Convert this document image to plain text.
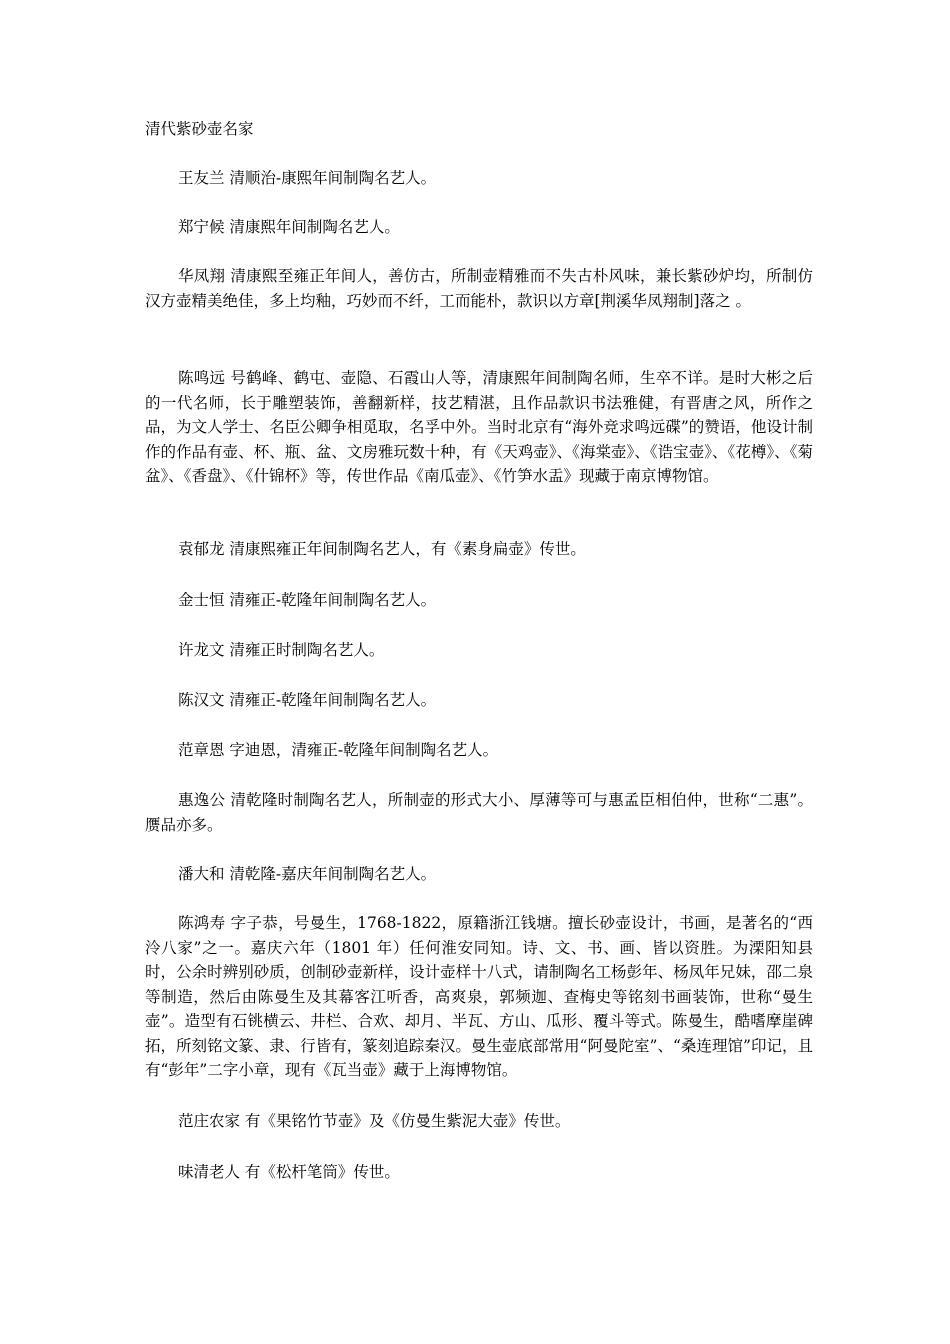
清代紫砂壶名家

王友兰 清顺治-康熙年间制陶名艺人。

郑宁候 清康熙年间制陶名艺人。

华凤翔 清康熙至雍正年间人，善仿古，所制壶精雅而不失古朴风味，兼长紫砂炉均，所制仿汉方壶精美绝佳，多上均釉，巧妙而不纤，工而能朴，款识以方章[荆溪华凤翔制]落之 。

陈鸣远 号鹤峰、鹤屯、壶隐、石霞山人等，清康熙年间制陶名师，生卒不详。是时大彬之后的一代名师，长于雕塑装饰，善翻新样，技艺精湛，且作品款识书法雅健，有晋唐之风，所作之品，为文人学士、名臣公卿争相觅取，名孚中外。当时北京有“海外竞求鸣远碟”的赞语，他设计制作的作品有壶、杯、瓶、盆、文房雅玩数十种，有《天鸡壶》、《海棠壶》、《诰宝壶》、《花樽》、《菊盆》、《香盘》、《什锦杯》等，传世作品《南瓜壶》、《竹笋水盂》现藏于南京博物馆。

袁郁龙 清康熙雍正年间制陶名艺人，有《素身扁壶》传世。

金士恒 清雍正-乾隆年间制陶名艺人。

许龙文 清雍正时制陶名艺人。

陈汉文 清雍正-乾隆年间制陶名艺人。

范章恩 字迪恩，清雍正-乾隆年间制陶名艺人。

惠逸公 清乾隆时制陶名艺人，所制壶的形式大小、厚薄等可与惠孟臣相伯仲，世称“二惠”。赝品亦多。

潘大和 清乾隆-嘉庆年间制陶名艺人。

陈鸿寿 字子恭，号曼生，1768-1822，原籍浙江钱塘。擅长砂壶设计，书画，是著名的“西泠八家”之一。嘉庆六年（1801 年）任何淮安同知。诗、文、书、画、皆以资胜。为溧阳知县时，公余时辨别砂质，创制砂壶新样，设计壶样十八式，请制陶名工杨彭年、杨凤年兄妹，邵二泉等制造，然后由陈曼生及其幕客江听香，高爽泉，郭频迦、查梅史等铭刻书画装饰，世称“曼生壶”。造型有石铫横云、井栏、合欢、却月、半瓦、方山、瓜形、覆斗等式。陈曼生，酷嗜摩崖碑拓，所刻铭文篆、隶、行皆有，篆刻追踪秦汉。曼生壶底部常用“阿曼陀室”、“桑连理馆”印记，且有“彭年”二字小章，现有《瓦当壶》藏于上海博物馆。

范庄农家 有《果铭竹节壶》及《仿曼生紫泥大壶》传世。

味清老人 有《松杆笔筒》传世。
